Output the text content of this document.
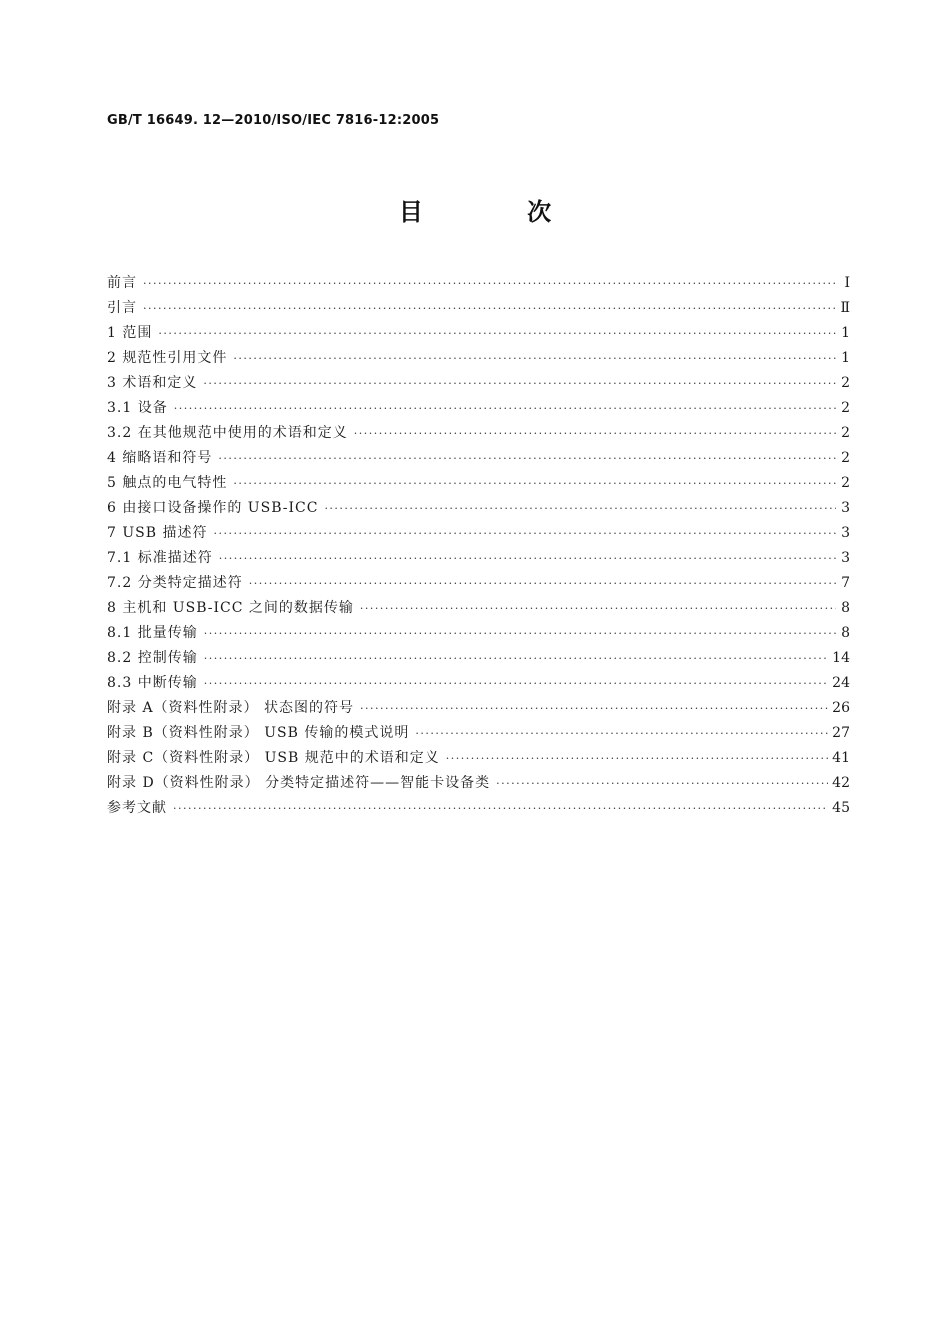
GB/T 16649. 12—2010/ISO/IEC 7816-12:2005
目 次
前言 ·····	Ⅰ
引言 ·····	Ⅱ
1 范围 ·····	1
2 规范性引用文件 ·····	1
3 术语和定义 ·····	2
3.1 设备 ·····	2
3.2 在其他规范中使用的术语和定义 ·····	2
4 缩略语和符号 ·····	2
5 触点的电气特性 ·····	2
6 由接口设备操作的 USB-ICC ·····	3
7 USB 描述符 ·····	3
7.1 标准描述符 ·····	3
7.2 分类特定描述符 ·····	7
8 主机和 USB-ICC 之间的数据传输 ·····	8
8.1 批量传输 ·····	8
8.2 控制传输 ·····	14
8.3 中断传输 ·····	24
附录 A（资料性附录） 状态图的符号 ·····	26
附录 B（资料性附录） USB 传输的模式说明 ·····	27
附录 C（资料性附录） USB 规范中的术语和定义 ·····	41
附录 D（资料性附录） 分类特定描述符——智能卡设备类 ·····	42
参考文献 ·····	45
